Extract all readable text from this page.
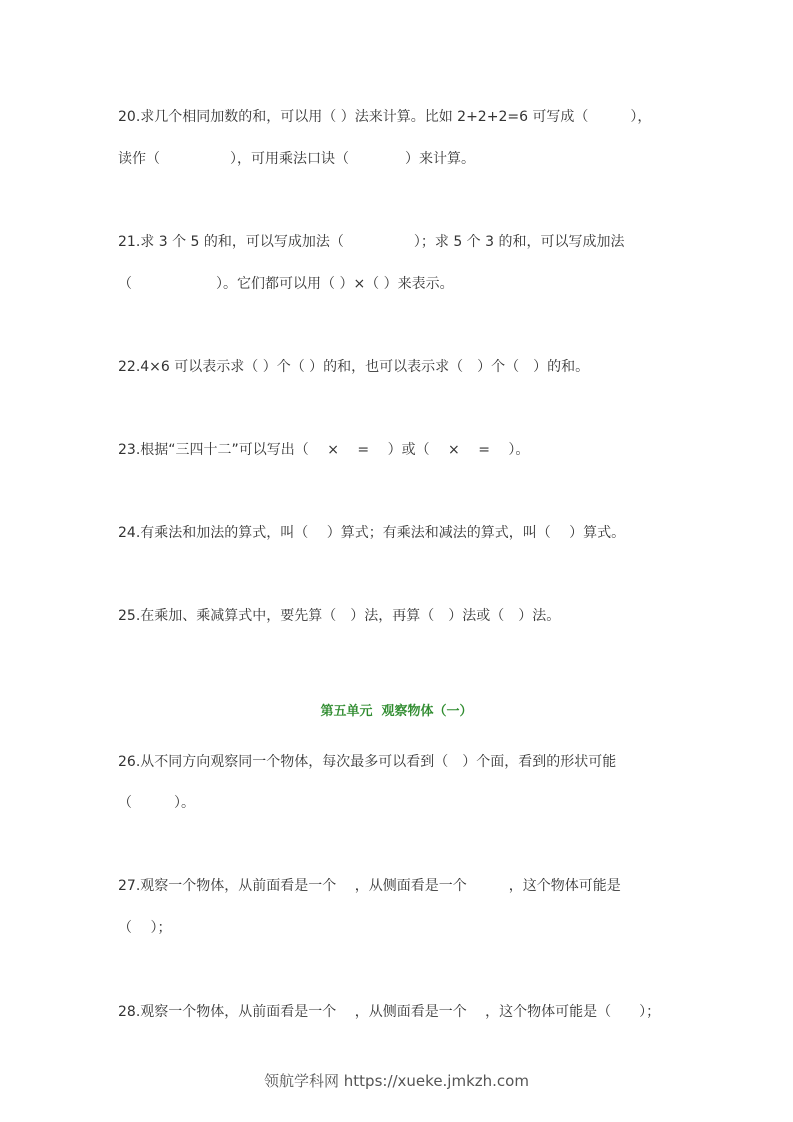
20.求几个相同加数的和，可以用（ ）法来计算。比如 2+2+2=6 可写成（　　　），
读作（　　　　　），可用乘法口诀（　　　　）来计算。
21.求 3 个 5 的和，可以写成加法（　　　　　）；求 5 个 3 的和，可以写成加法
（　　　　　　）。它们都可以用（ ）×（ ）来表示。
22.4×6 可以表示求（ ）个（ ）的和，也可以表示求（　）个（　）的和。
23.根据“三四十二”可以写出（　 ×　 =　 ）或（　 ×　 =　 ）。
24.有乘法和加法的算式，叫（　 ）算式；有乘法和减法的算式，叫（　 ）算式。
25.在乘加、乘减算式中，要先算（　）法，再算（　）法或（　）法。
第五单元  观察物体（一）
26.从不同方向观察同一个物体，每次最多可以看到（　）个面，看到的形状可能
（　　　）。
27.观察一个物体，从前面看是一个　 ，从侧面看是一个　　　，这个物体可能是
（　 ）；
28.观察一个物体，从前面看是一个　 ，从侧面看是一个　 ，这个物体可能是（　　）；
领航学科网 https://xueke.jmkzh.com
